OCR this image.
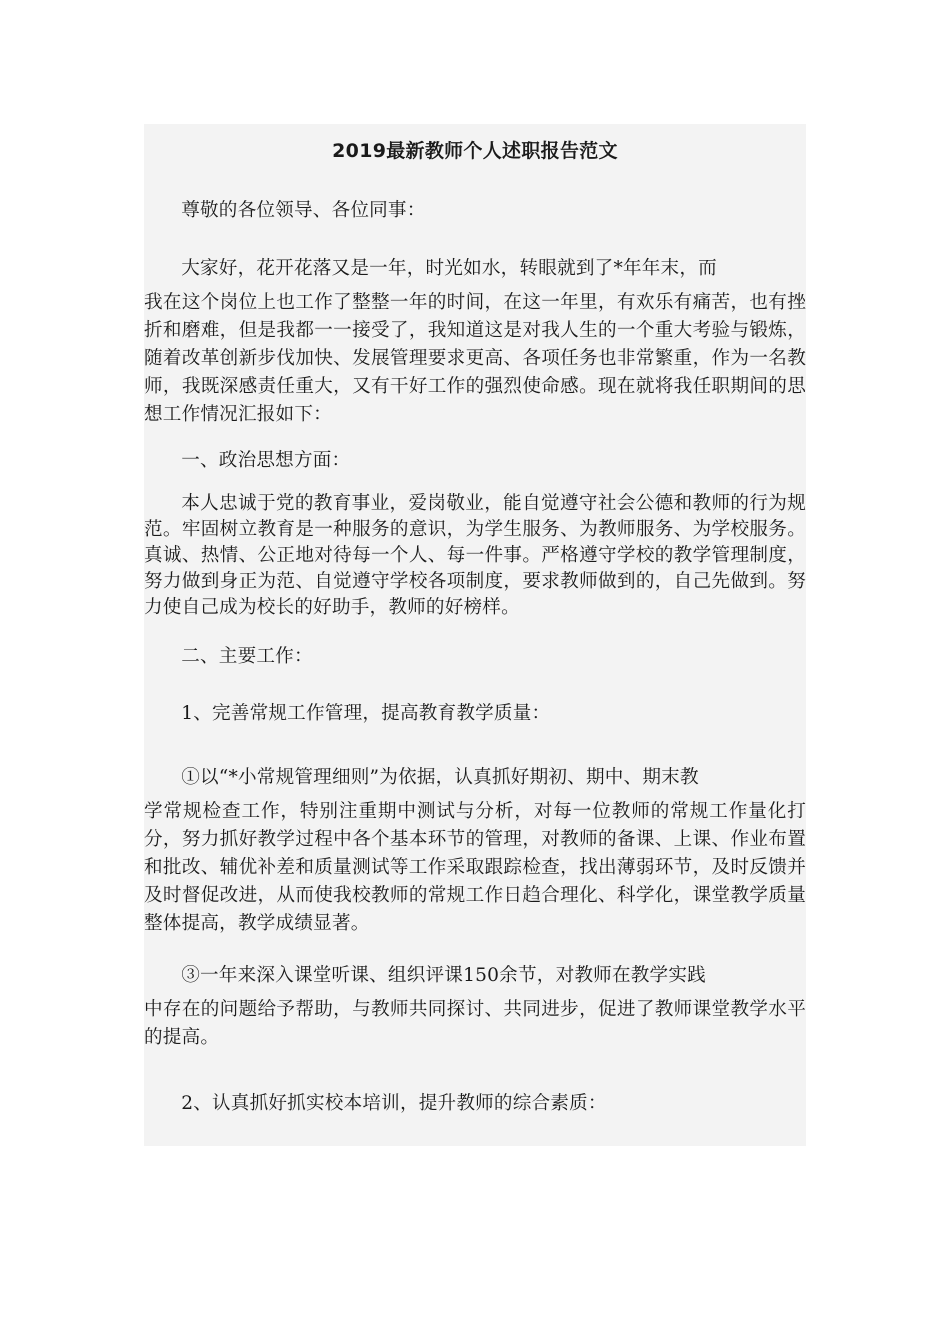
2019最新教师个人述职报告范文

尊敬的各位领导、各位同事：

大家好，花开花落又是一年，时光如水，转眼就到了*年年末，而
我在这个岗位上也工作了整整一年的时间，在这一年里，有欢乐有痛苦，也有挫折和磨难，但是我都一一接受了，我知道这是对我人生的一个重大考验与锻炼，随着改革创新步伐加快、发展管理要求更高、各项任务也非常繁重，作为一名教师，我既深感责任重大，又有干好工作的强烈使命感。现在就将我任职期间的思想工作情况汇报如下：

一、政治思想方面：

本人忠诚于党的教育事业，爱岗敬业，能自觉遵守社会公德和教师的行为规范。牢固树立教育是一种服务的意识，为学生服务、为教师服务、为学校服务。真诚、热情、公正地对待每一个人、每一件事。严格遵守学校的教学管理制度，努力做到身正为范、自觉遵守学校各项制度，要求教师做到的，自己先做到。努力使自己成为校长的好助手，教师的好榜样。

二、主要工作：

1、完善常规工作管理，提高教育教学质量：

①以“*小常规管理细则”为依据，认真抓好期初、期中、期末教
学常规检查工作，特别注重期中测试与分析，对每一位教师的常规工作量化打分，努力抓好教学过程中各个基本环节的管理，对教师的备课、上课、作业布置和批改、辅优补差和质量测试等工作采取跟踪检查，找出薄弱环节，及时反馈并及时督促改进，从而使我校教师的常规工作日趋合理化、科学化，课堂教学质量整体提高，教学成绩显著。

③一年来深入课堂听课、组织评课150余节，对教师在教学实践
中存在的问题给予帮助，与教师共同探讨、共同进步，促进了教师课堂教学水平的提高。

2、认真抓好抓实校本培训，提升教师的综合素质：
